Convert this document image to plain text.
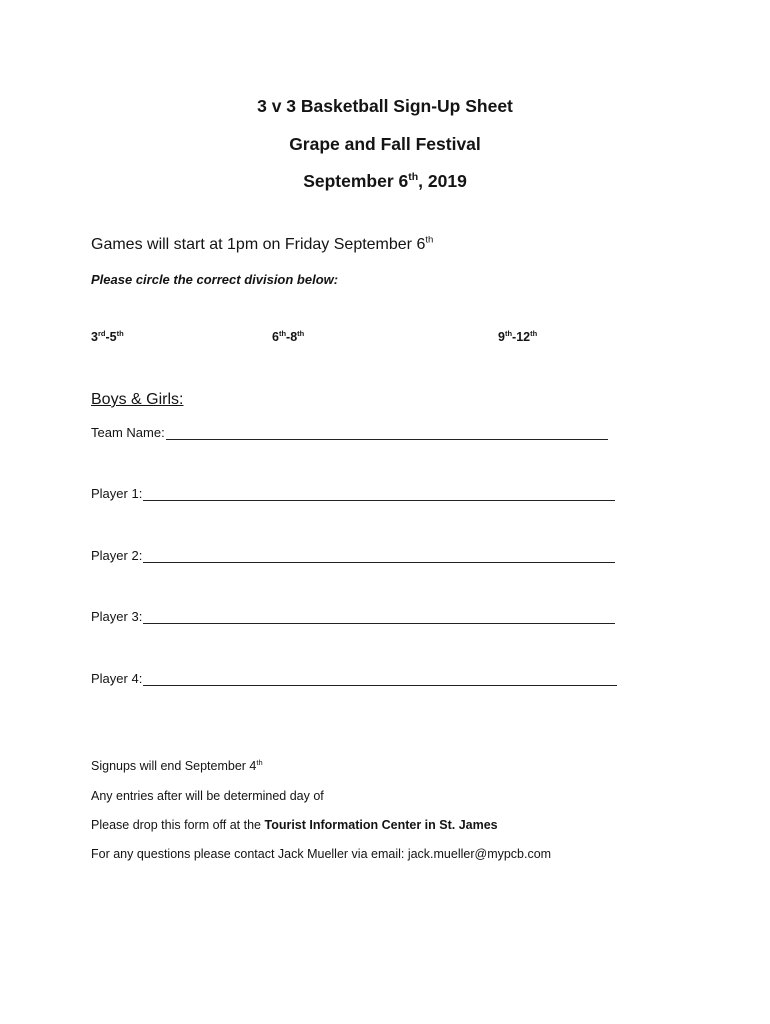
3 v 3 Basketball Sign-Up Sheet
Grape and Fall Festival
September 6th, 2019
Games will start at 1pm on Friday September 6th
Please circle the correct division below:
3rd-5th	6th-8th	9th-12th
Boys & Girls:
Team Name:
Player 1:
Player 2:
Player 3:
Player 4:
Signups will end September 4th
Any entries after will be determined day of
Please drop this form off at the Tourist Information Center in St. James
For any questions please contact Jack Mueller via email: jack.mueller@mypcb.com
